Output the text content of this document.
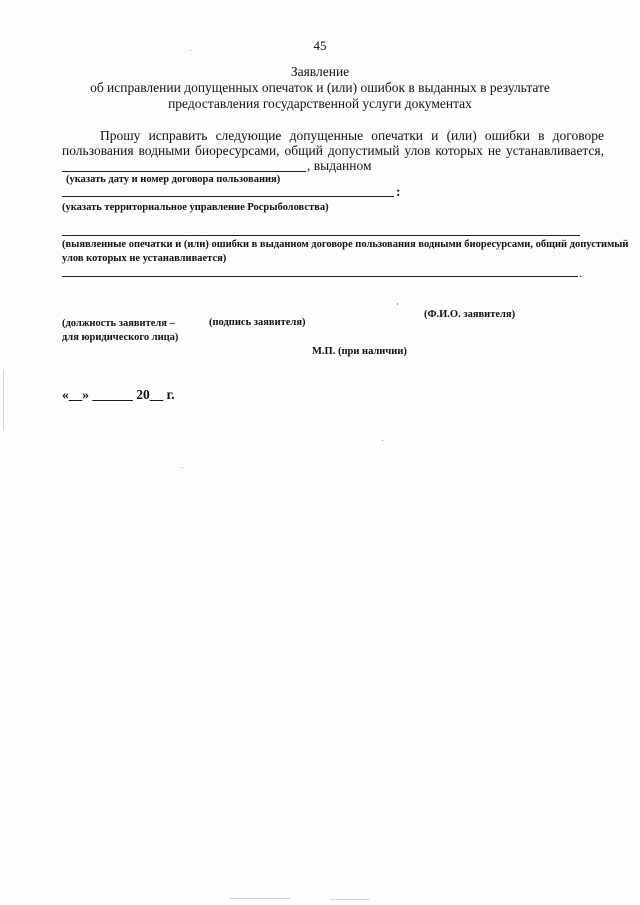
45
Заявление
об исправлении допущенных опечаток и (или) ошибок в выданных в результате
предоставления государственной услуги документах
Прошу исправить следующие допущенные опечатки и (или) ошибки в договоре
пользования водными биоресурсами, общий допустимый улов которых не устанавливается,
, выданном
(указать дату и номер договора пользования)
:
(указать территориальное управление Росрыболовства)
(выявленные опечатки и (или) ошибки в выданном договоре пользования водными биоресурсами, общий допустимый
улов которых не устанавливается)
.
(должность заявителя –
для юридического лица)
(подпись заявителя)
(Ф.И.О. заявителя)
М.П. (при наличии)
«__» ______ 20__ г.
